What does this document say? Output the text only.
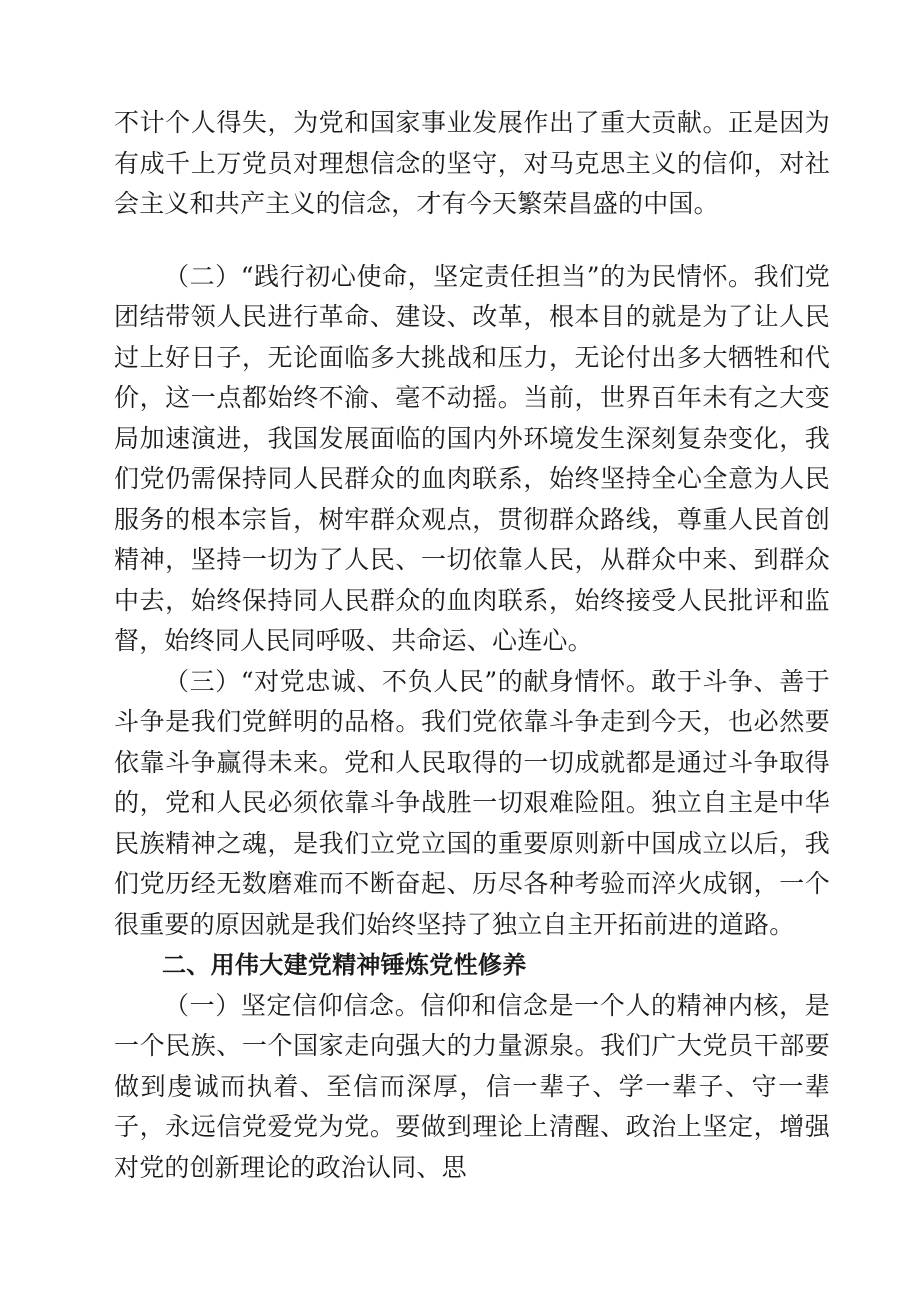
不计个人得失，为党和国家事业发展作出了重大贡献。正是因为有成千上万党员对理想信念的坚守，对马克思主义的信仰，对社会主义和共产主义的信念，才有今天繁荣昌盛的中国。

（二）“践行初心使命，坚定责任担当”的为民情怀。我们党团结带领人民进行革命、建设、改革，根本目的就是为了让人民过上好日子，无论面临多大挑战和压力，无论付出多大牺牲和代价，这一点都始终不渝、毫不动摇。当前，世界百年未有之大变局加速演进，我国发展面临的国内外环境发生深刻复杂变化，我们党仍需保持同人民群众的血肉联系，始终坚持全心全意为人民服务的根本宗旨，树牢群众观点，贯彻群众路线，尊重人民首创精神，坚持一切为了人民、一切依靠人民，从群众中来、到群众中去，始终保持同人民群众的血肉联系，始终接受人民批评和监督，始终同人民同呼吸、共命运、心连心。

（三）“对党忠诚、不负人民”的献身情怀。敢于斗争、善于斗争是我们党鲜明的品格。我们党依靠斗争走到今天，也必然要依靠斗争赢得未来。党和人民取得的一切成就都是通过斗争取得的，党和人民必须依靠斗争战胜一切艰难险阻。独立自主是中华民族精神之魂，是我们立党立国的重要原则新中国成立以后，我们党历经无数磨难而不断奋起、历尽各种考验而淬火成钢，一个很重要的原因就是我们始终坚持了独立自主开拓前进的道路。

二、用伟大建党精神锤炼党性修养

（一）坚定信仰信念。信仰和信念是一个人的精神内核，是一个民族、一个国家走向强大的力量源泉。我们广大党员干部要做到虔诚而执着、至信而深厚，信一辈子、学一辈子、守一辈子，永远信党爱党为党。要做到理论上清醒、政治上坚定，增强对党的创新理论的政治认同、思
